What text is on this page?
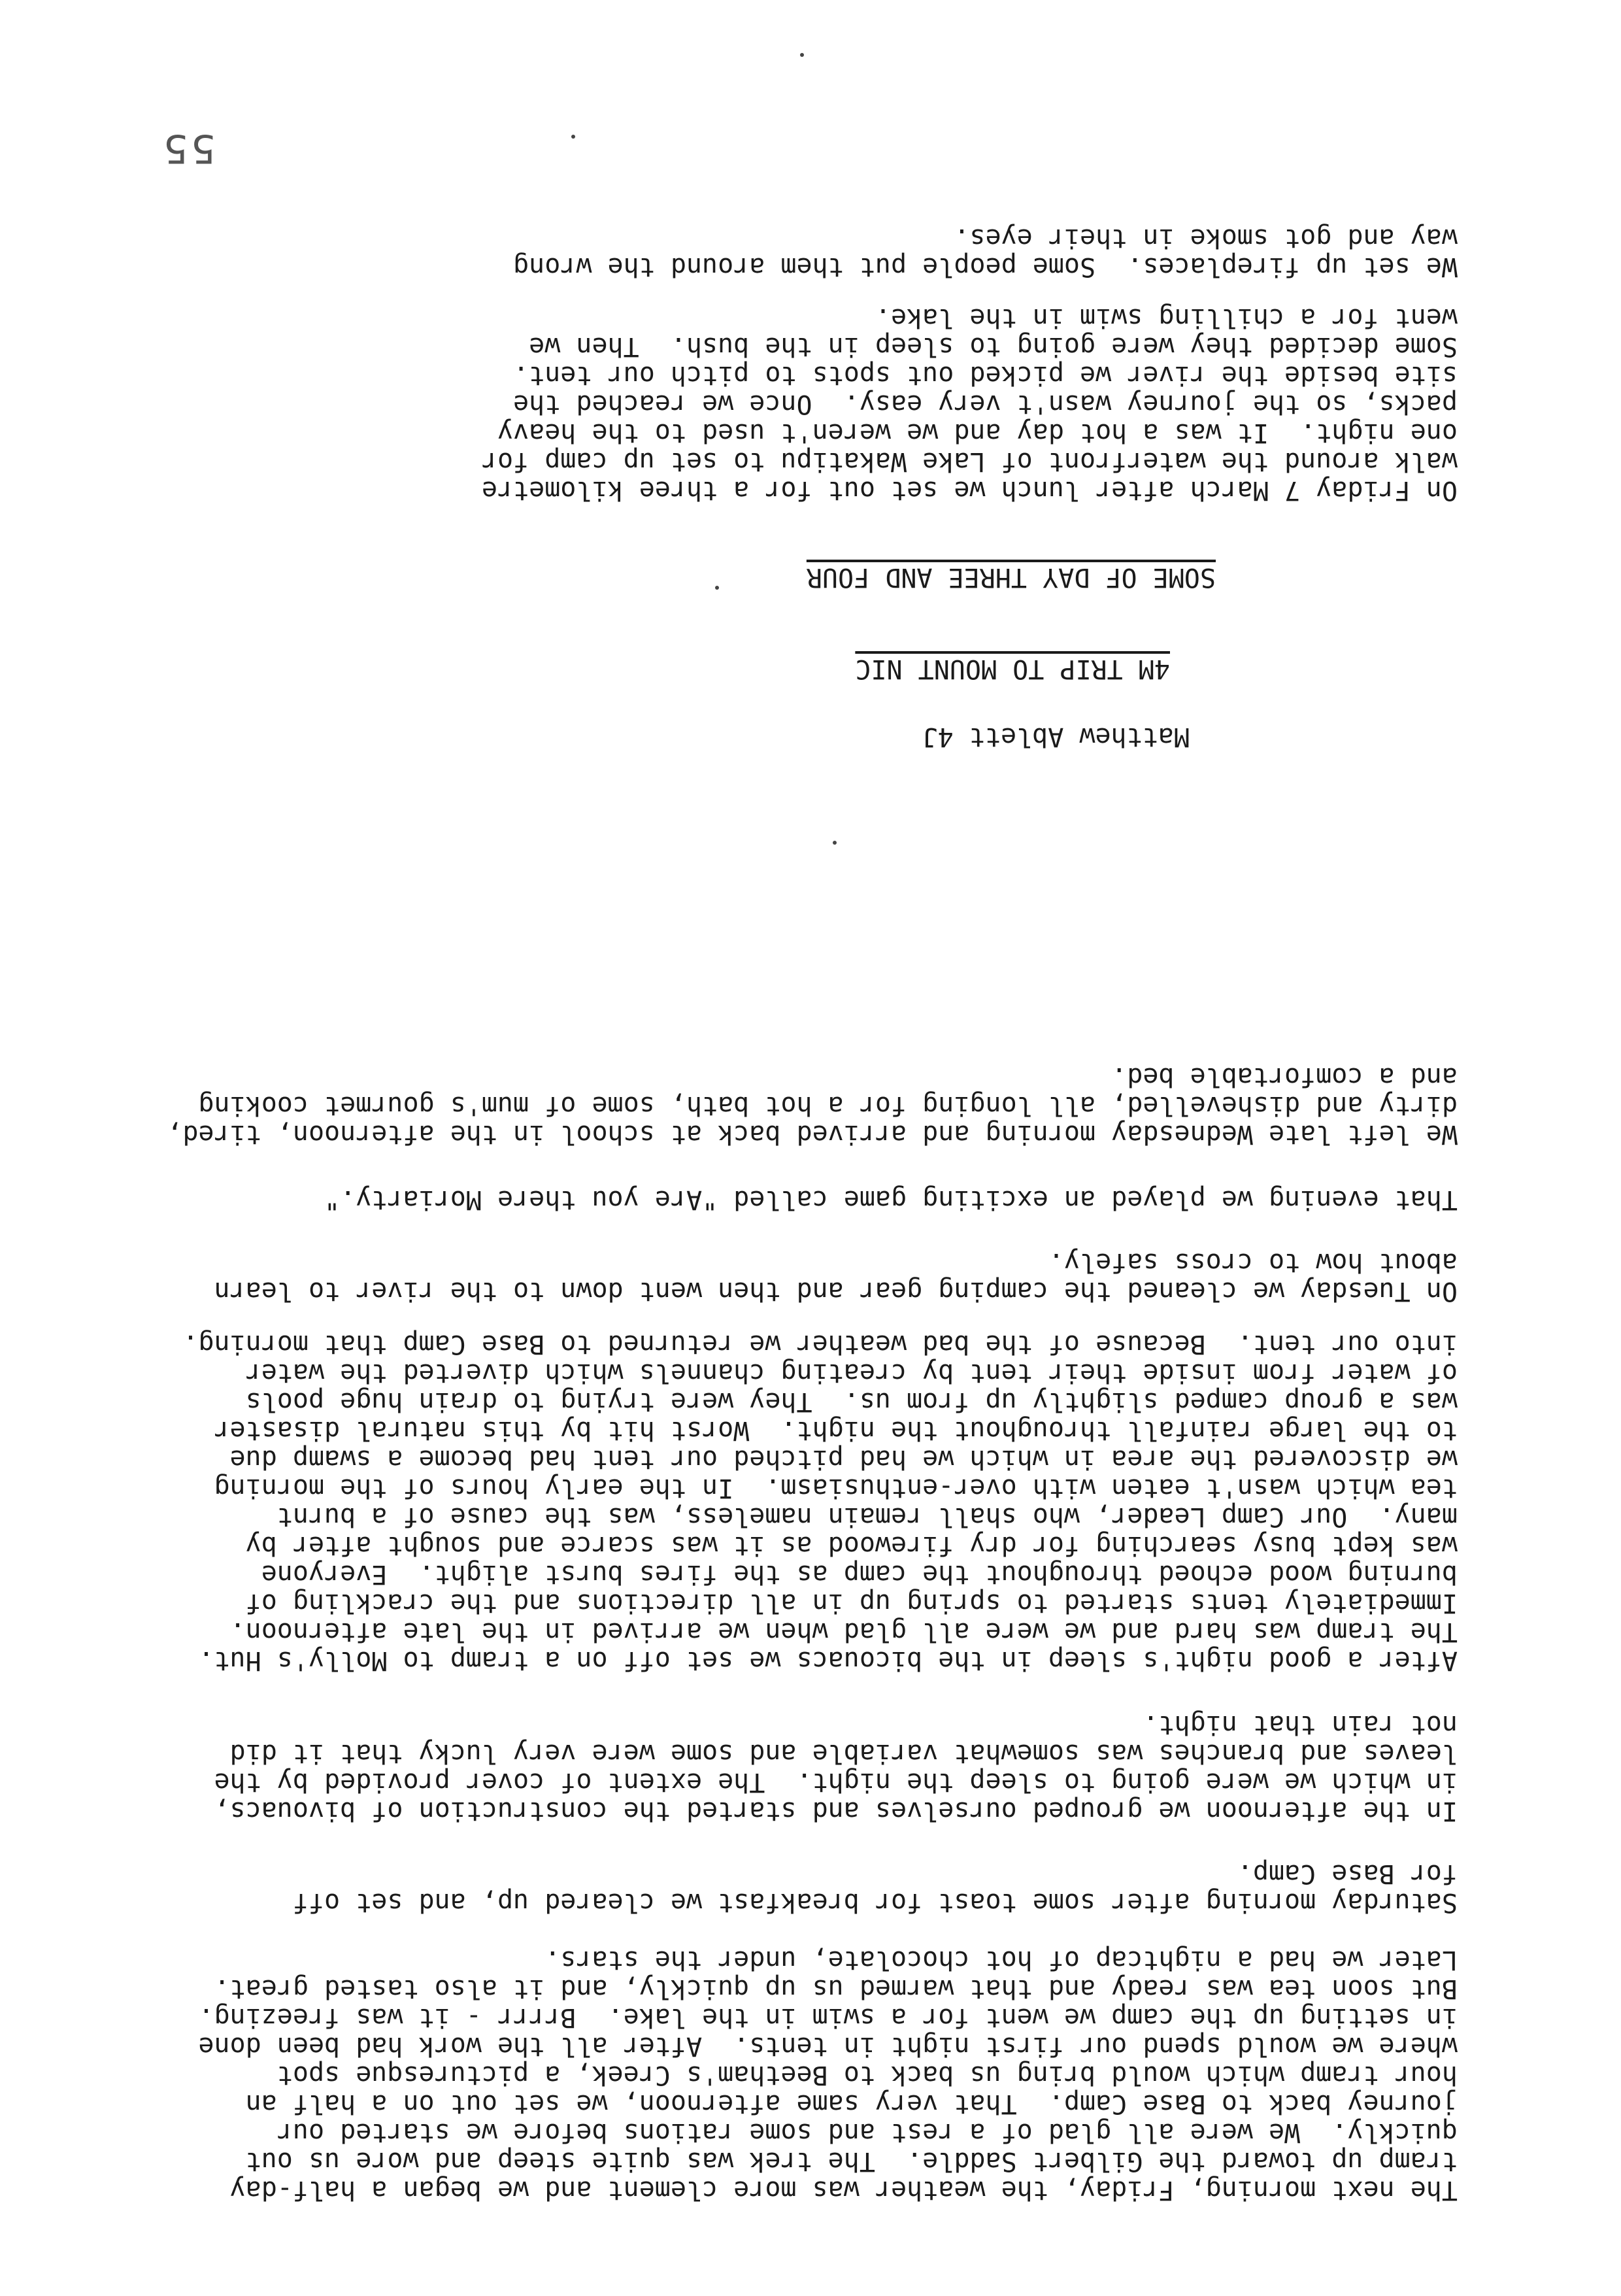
The next morning, Friday, the weather was more clement and we began a half-day
tramp up toward the Gilbert Saddle.  The trek was quite steep and wore us out
quickly.  We were all glad of a rest and some rations before we started our
journey back to Base Camp.  That very same afternoon, we set out on a half an
hour tramp which would bring us back to Beetham's Creek, a picturesque spot
where we would spend our first night in tents.  After all the work had been done
in setting up the camp we went for a swim in the lake.  Brrrr - it was freezing.
But soon tea was ready and that warmed us up quickly, and it also tasted great.
Later we had a nightcap of hot chocolate, under the stars.
Saturday morning after some toast for breakfast we cleared up, and set off
for Base Camp.
In the afternoon we grouped ourselves and started the construction of bivouacs,
in which we were going to sleep the night.  The extent of cover provided by the
leaves and branches was somewhat variable and some were very lucky that it did
not rain that night.
After a good night's sleep in the bicouacs we set off on a tramp to Molly's Hut.
The tramp was hard and we were all glad when we arrived in the late afternoon.
Immediately tents started to spring up in all directions and the crackling of
burning wood echoed throughout the camp as the fires burst alight.  Everyone
was kept busy searching for dry firewood as it was scarce and sought after by
many.  Our Camp Leader, who shall remain nameless, was the cause of a burnt
tea which wasn't eaten with over-enthusiasm.  In the early hours of the morning
we discovered the area in which we had pitched our tent had become a swamp due
to the large rainfall throughout the night.  Worst hit by this natural disaster
was a group camped slightly up from us.  They were trying to drain huge pools
of water from inside their tent by creating channels which diverted the water
into our tent.  Because of the bad weather we returned to Base Camp that morning.
On Tuesday we cleaned the camping gear and then went down to the river to learn
about how to cross safely.
That evening we played an exciting game called "Are you there Moriarty."
We left late Wednesday morning and arrived back at school in the afternoon, tired,
dirty and dishevelled, all longing for a hot bath, some of mum's gourmet cooking
and a comfortable bed.
Matthew Ablett 4J
4M TRIP TO MOUNT NIC
SOME OF DAY THREE AND FOUR
On Friday 7 March after lunch we set out for a three kilometre
walk around the waterfront of Lake Wakatipu to set up camp for
one night.  It was a hot day and we weren't used to the heavy
packs, so the journey wasn't very easy.  Once we reached the
site beside the river we picked out spots to pitch our tent.
Some decided they were going to sleep in the bush.  Then we
went for a chilling swim in the lake.
We set up fireplaces.  Some people put them around the wrong
way and got smoke in their eyes.
55
